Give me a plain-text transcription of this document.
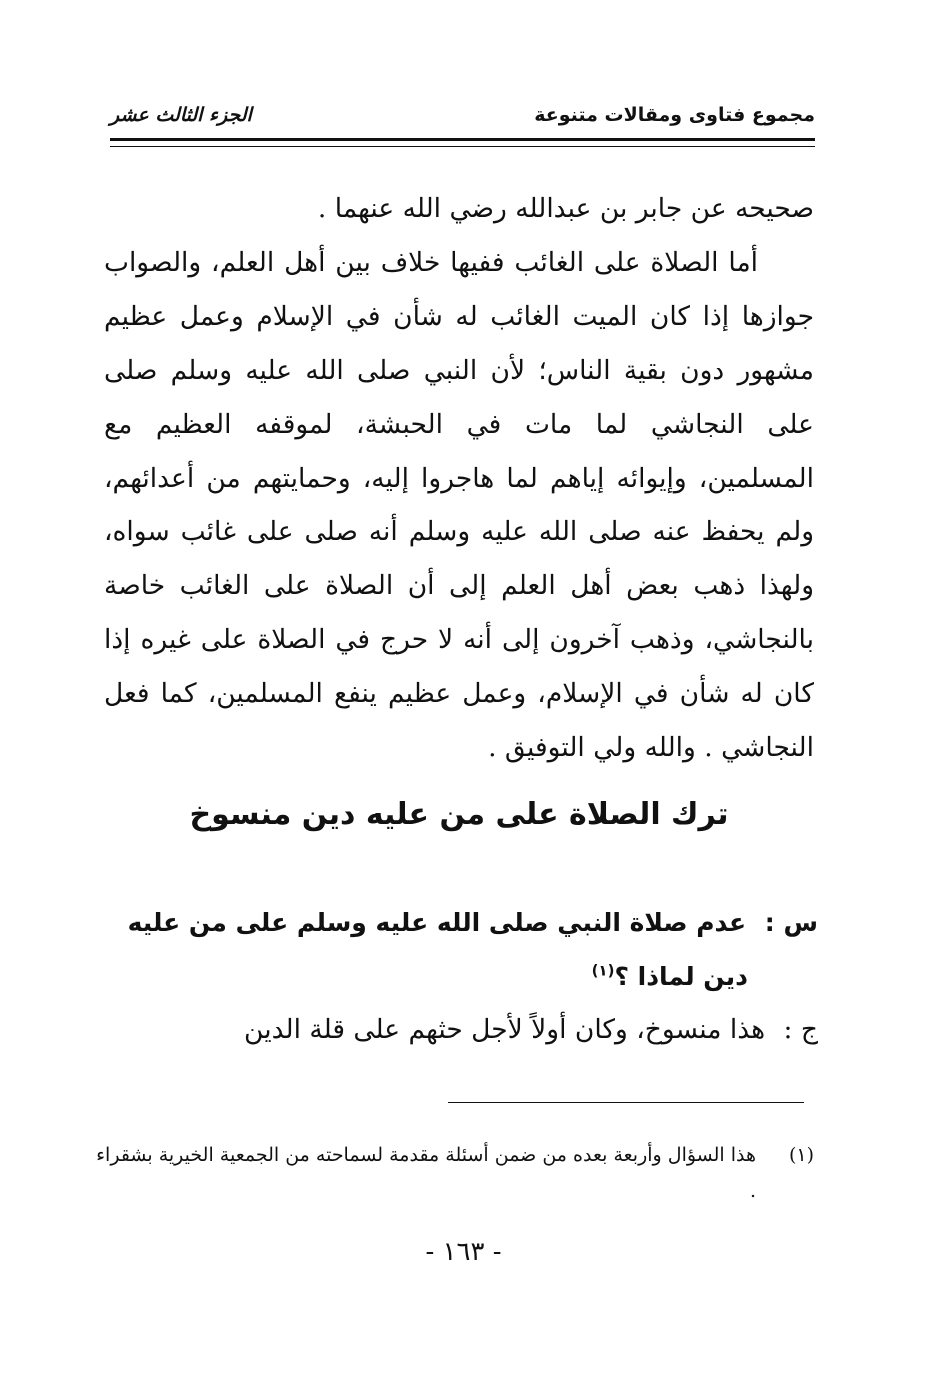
مجموع فتاوى ومقالات متنوعة
الجزء الثالث عشر

صحيحه عن جابر بن عبدالله رضي الله عنهما .

أما الصلاة على الغائب ففيها خلاف بين أهل العلم، والصواب جوازها إذا كان الميت الغائب له شأن في الإسلام وعمل عظيم مشهور دون بقية الناس؛ لأن النبي صلى الله عليه وسلم صلى على النجاشي لما مات في الحبشة، لموقفه العظيم مع المسلمين، وإيوائه إياهم لما هاجروا إليه، وحمايتهم من أعدائهم، ولم يحفظ عنه صلى الله عليه وسلم أنه صلى على غائب سواه، ولهذا ذهب بعض أهل العلم إلى أن الصلاة على الغائب خاصة بالنجاشي، وذهب آخرون إلى أنه لا حرج في الصلاة على غيره إذا كان له شأن في الإسلام، وعمل عظيم ينفع المسلمين، كما فعل النجاشي . والله ولي التوفيق .

ترك الصلاة على من عليه دين منسوخ
س : عدم صلاة النبي صلى الله عليه وسلم على من عليه
دين لماذا ؟$^{(١)}$
ج : هذا منسوخ، وكان أولاً لأجل حثهم على قلة الدين
(١)
هذا السؤال وأربعة بعده من ضمن أسئلة مقدمة لسماحته من الجمعية الخيرية بشقراء .
- ١٦٣ -
